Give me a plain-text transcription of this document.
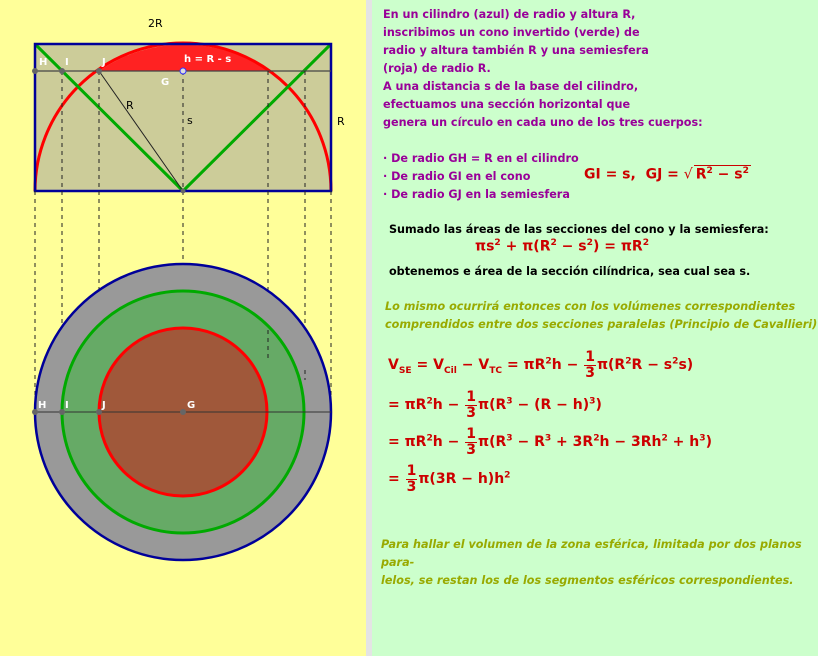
2R
R
R
s
h = R - s
H I	J
G
H I	J	G
En un cilindro (azul) de radio y altura R,
inscribimos un cono invertido (verde) de
radio y altura también R y una semiesfera
(roja) de radio R.
A una distancia s de la base del cilindro,
efectuamos una sección horizontal que
genera un círculo en cada uno de los tres cuerpos:
· De radio GH = R en el cilindro
· De radio GI en el cono
· De radio GJ en la semiesfera
GI = s,  GJ = √ $R^2 - s^2$
Sumado las áreas de las secciones del cono y la semiesfera:
$\pi s^2 + \pi(R^2 - s^2) = \pi R^2$
obtenemos e área de la sección cilíndrica, sea cual sea s.
Lo mismo ocurrirá entonces con los volúmenes correspondientes
comprendidos entre dos secciones paralelas (Principio de Cavallieri)
$V_{SE} = V_{Cil} - V_{TC} = \pi R^2h - \frac{1}{3} \pi(R^2R - s^2s)$
= $\pi R^2h - \frac{1}{3} \pi(R^3 - (R - h)^3)$
= $\pi R^2h - \frac{1}{3} \pi(R^3 - R^3 + 3R^2h - 3Rh^2 + h^3)$
= $\frac{1}{3} \pi(3R - h)h^2$
Para hallar el volumen de la zona esférica, limitada por dos planos para-
lelos, se restan los de los segmentos esféricos correspondientes.
